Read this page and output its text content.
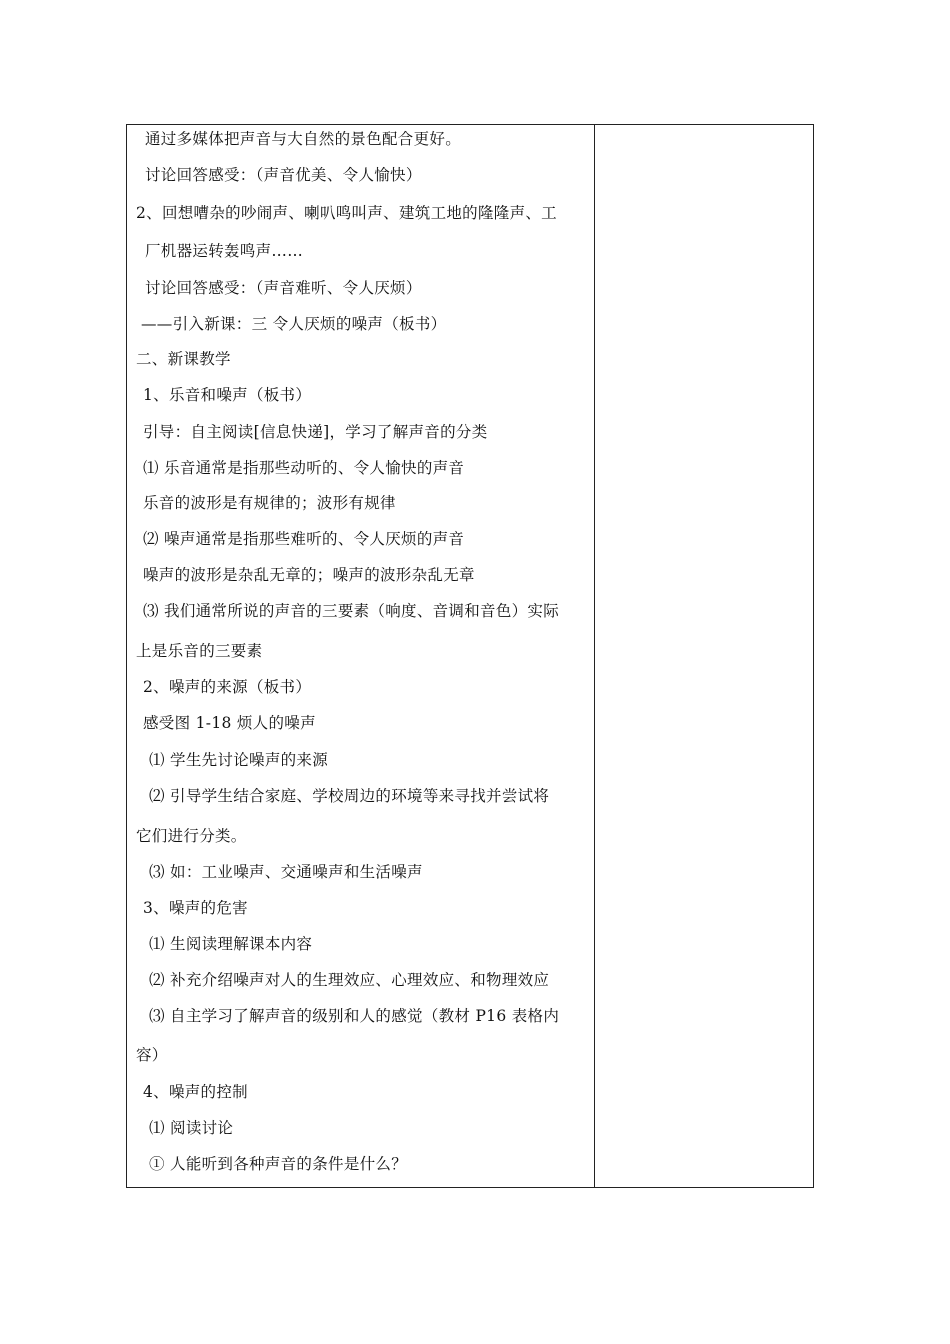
通过多媒体把声音与大自然的景色配合更好。
讨论回答感受：（声音优美、令人愉快）
2、回想嘈杂的吵闹声、喇叭鸣叫声、建筑工地的隆隆声、工
厂机器运转轰鸣声……
讨论回答感受：（声音难听、令人厌烦）
——引入新课：三 令人厌烦的噪声（板书）
二、新课教学
1、乐音和噪声（板书）
引导：自主阅读[信息快递]，学习了解声音的分类
⑴ 乐音通常是指那些动听的、令人愉快的声音
乐音的波形是有规律的；波形有规律
⑵ 噪声通常是指那些难听的、令人厌烦的声音
噪声的波形是杂乱无章的；噪声的波形杂乱无章
⑶ 我们通常所说的声音的三要素（响度、音调和音色）实际
上是乐音的三要素
2、噪声的来源（板书）
感受图 1-18 烦人的噪声
⑴ 学生先讨论噪声的来源
⑵ 引导学生结合家庭、学校周边的环境等来寻找并尝试将
它们进行分类。
⑶ 如：工业噪声、交通噪声和生活噪声
3、噪声的危害
⑴ 生阅读理解课本内容
⑵ 补充介绍噪声对人的生理效应、心理效应、和物理效应
⑶ 自主学习了解声音的级别和人的感觉（教材 P16 表格内
容）
4、噪声的控制
⑴ 阅读讨论
① 人能听到各种声音的条件是什么？
